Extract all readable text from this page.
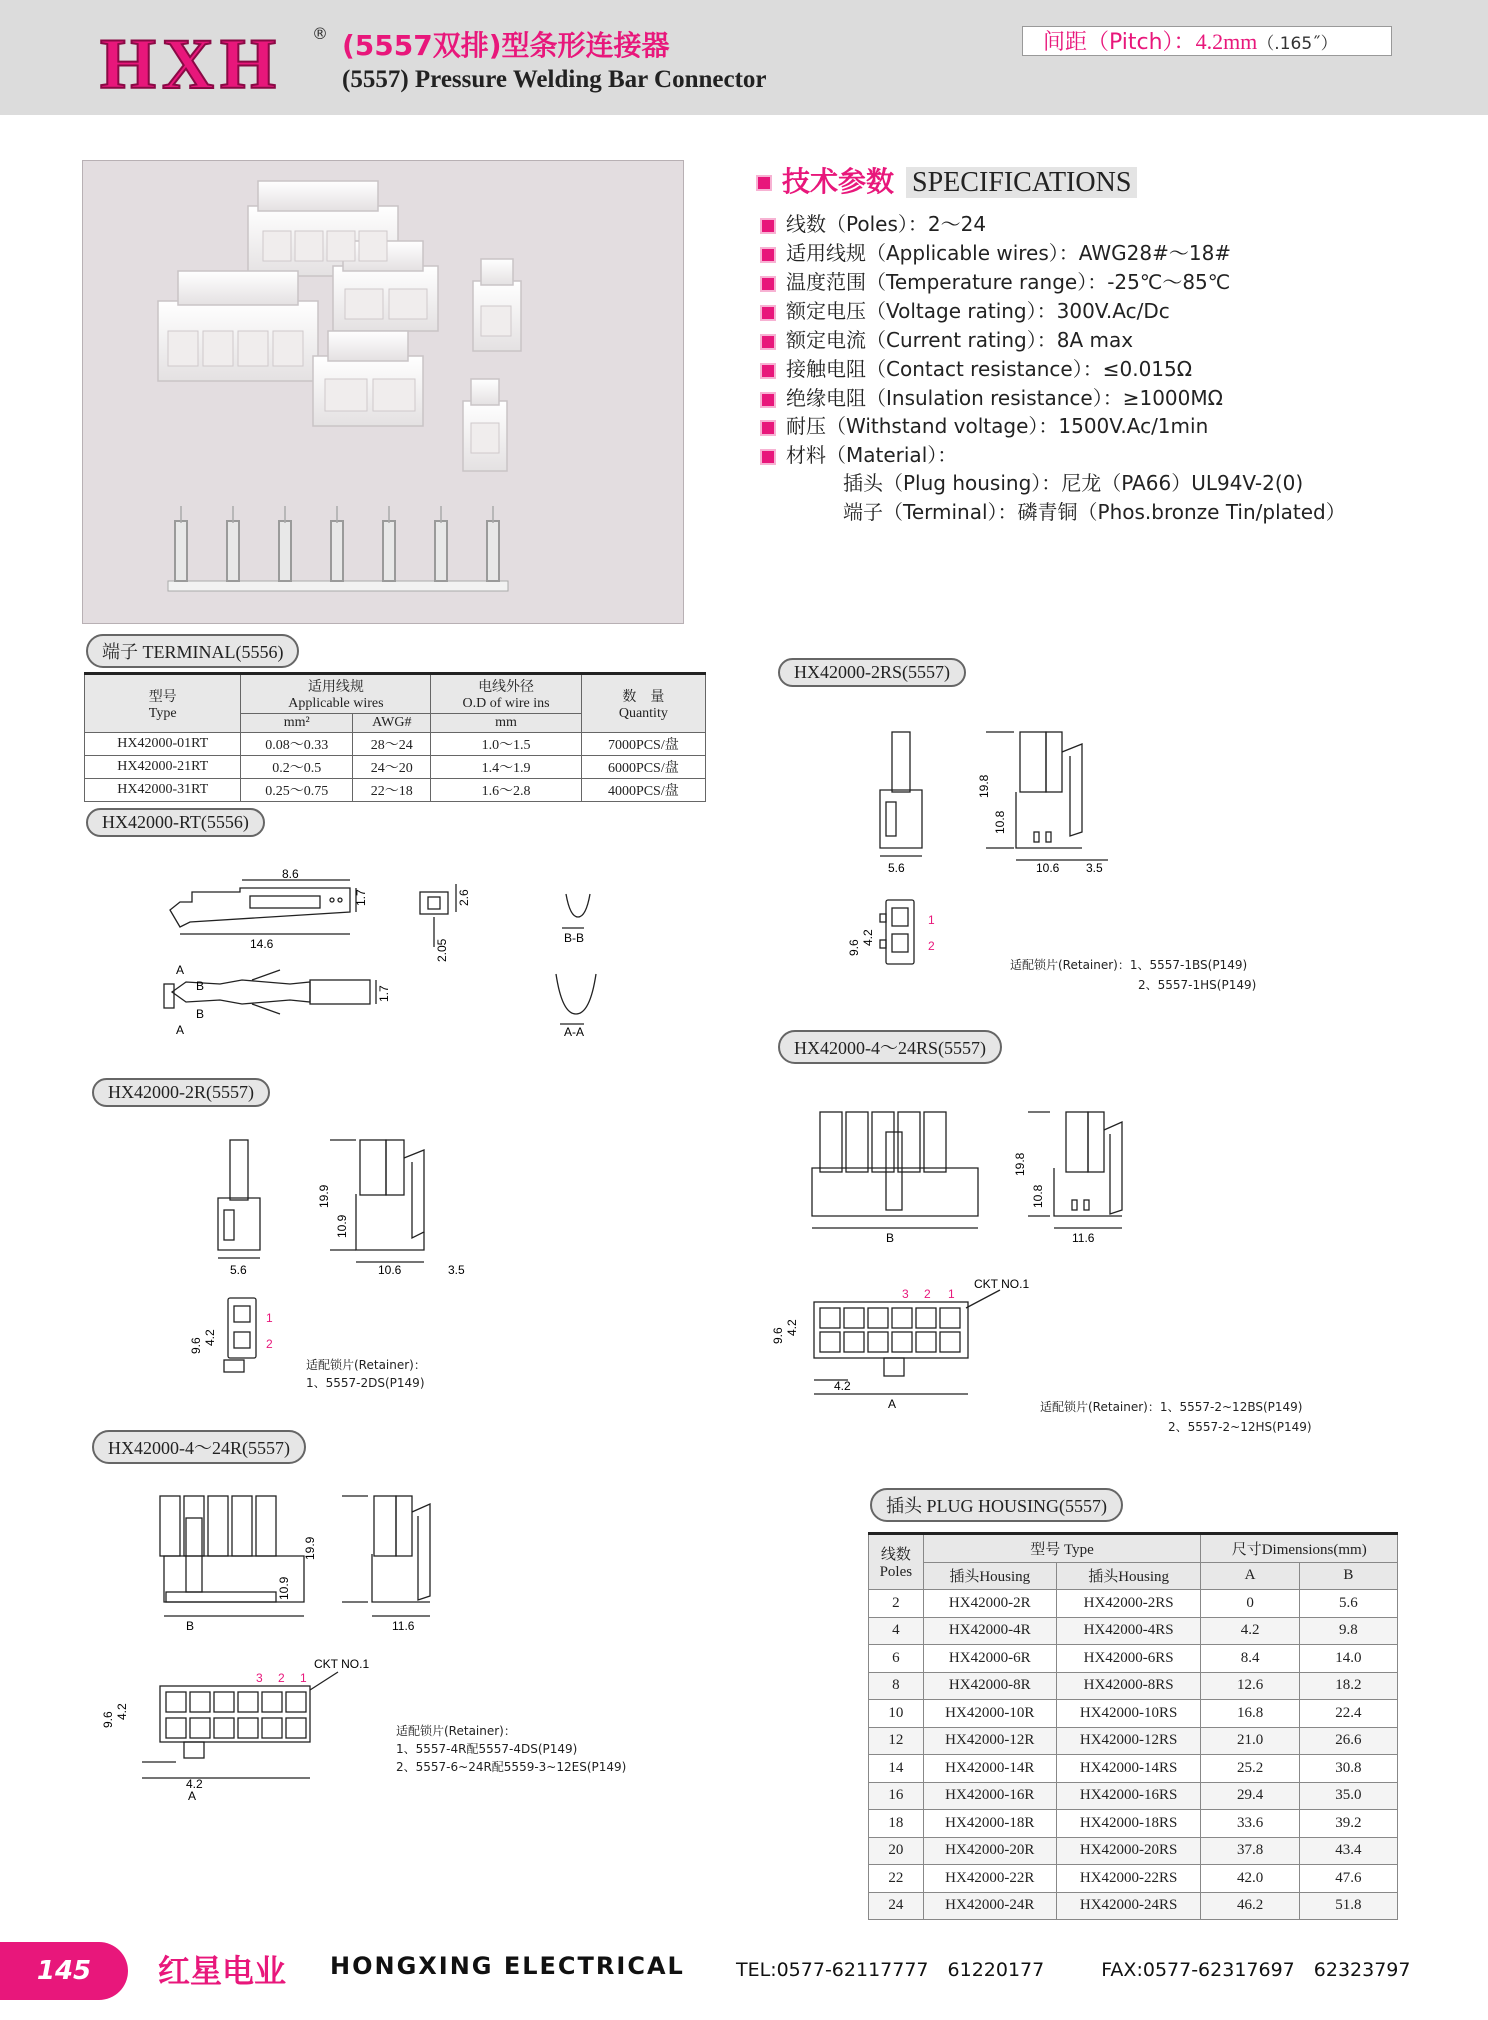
HXH ® (5557双排)型条形连接器
(5557) Pressure Welding Bar Connector
间距（Pitch）：4.2mm（.165˝）
技术参数 SPECIFICATIONS
线数（Poles）：2～24
适用线规（Applicable wires）：AWG28#～18#
温度范围（Temperature range）：-25℃～85℃
额定电压（Voltage rating）：300V.Ac/Dc
额定电流（Current rating）：8A max
接触电阻（Contact resistance）：≤0.015Ω
绝缘电阻（Insulation resistance）：≥1000MΩ
耐压（Withstand voltage）：1500V.Ac/1min
材料（Material）：
插头（Plug housing）：尼龙（PA66）UL94V-2(0)
端子（Terminal）：磷青铜（Phos.bronze Tin/plated）
端子 TERMINAL(5556)
型号
Type	适用线规
Applicable wires		电线外径
O.D of wire ins	数　量
Quantity
	mm²	AWG#	mm	
HX42000-01RT	0.08～0.33	28～24	1.0～1.5	7000PCS/盘
HX42000-21RT	0.2～0.5	24～20	1.4～1.9	6000PCS/盘
HX42000-31RT	0.25～0.75	22～18	1.6～2.8	4000PCS/盘
HX42000-RT(5556)
HX42000-2R(5557)
HX42000-4～24R(5557)
HX42000-2RS(5557)
HX42000-4～24RS(5557)
插头 PLUG HOUSING(5557)
8.6
14.6
1.7	2.6
2.05
B-B
A-A
A
A
B
B
1.7
19.9
10.9
5.6	10.6	3.5
9.6 4.2
1
2
适配锁片(Retainer)：
1、5557-2DS(P149)
19.9
10.9
B	11.6
3 2 1
CKT NO.1
9.6 4.2
4.2
A
适配锁片(Retainer)：
1、5557-4R配5557-4DS(P149)
2、5557-6~24R配5559-3~12ES(P149)
19.8
10.8
5.6	10.6 3.5
9.6
4.2
1
2
适配锁片(Retainer)：1、5557-1BS(P149)
2、5557-1HS(P149)
19.8
10.8
B	11.6
3 2 1
CKT NO.1
9.6 4.2
4.2
A	适配锁片(Retainer)：1、5557-2~12BS(P149)
2、5557-2~12HS(P149)
线数
Poles	型号 Type		尺寸Dimensions(mm)	
	插头Housing	插头Housing	A	B
2	HX42000-2R	HX42000-2RS	0	5.6
4	HX42000-4R	HX42000-4RS	4.2	9.8
6	HX42000-6R	HX42000-6RS	8.4	14.0
8	HX42000-8R	HX42000-8RS	12.6	18.2
10	HX42000-10R	HX42000-10RS	16.8	22.4
12	HX42000-12R	HX42000-12RS	21.0	26.6
14	HX42000-14R	HX42000-14RS	25.2	30.8
16	HX42000-16R	HX42000-16RS	29.4	35.0
18	HX42000-18R	HX42000-18RS	33.6	39.2
20	HX42000-20R	HX42000-20RS	37.8	43.4
22	HX42000-22R	HX42000-22RS	42.0	47.6
24	HX42000-24R	HX42000-24RS	46.2	51.8
145	红星电业 HONGXING ELECTRICAL	TEL:0577-62117777　61220177　　　	FAX:0577-62317697　62323797
